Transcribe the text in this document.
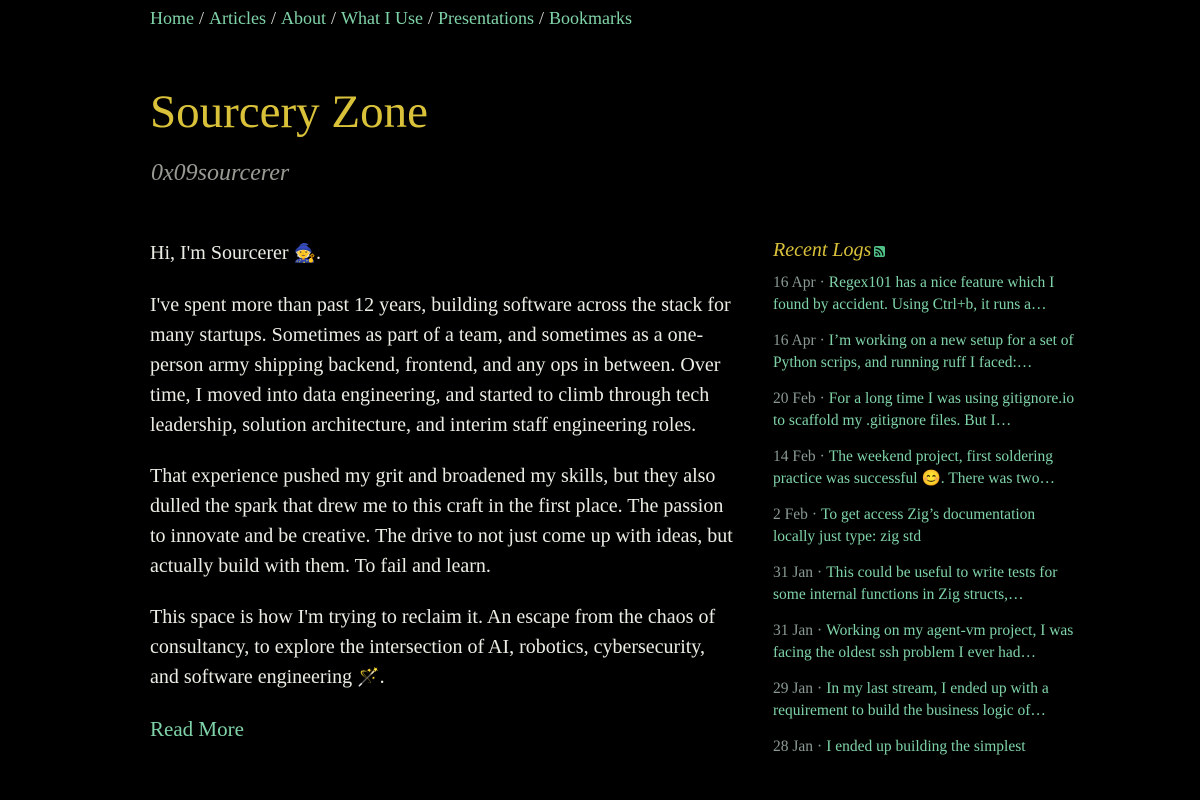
Home / Articles / About / What I Use / Presentations / Bookmarks
Sourcery Zone

0x09sourcerer

Hi, I'm Sourcerer 🧙.

I've spent more than past 12 years, building software across the stack for many startups. Sometimes as part of a team, and sometimes as a one-person army shipping backend, frontend, and any ops in between. Over time, I moved into data engineering, and started to climb through tech leadership, solution architecture, and interim staff engineering roles.

That experience pushed my grit and broadened my skills, but they also dulled the spark that drew me to this craft in the first place. The passion to innovate and be creative. The drive to not just come up with ideas, but actually build with them. To fail and learn.

This space is how I'm trying to reclaim it. An escape from the chaos of consultancy, to explore the intersection of AI, robotics, cybersecurity, and software engineering 🪄.

Read More
Recent Logs
16 Apr · Regex101 has a nice feature which I found by accident. Using Ctrl+b, it runs a…
16 Apr · I’m working on a new setup for a set of Python scrips, and running ruff I faced:…
20 Feb · For a long time I was using gitignore.io to scaffold my .gitignore files. But I…
14 Feb · The weekend project, first soldering practice was successful 😊. There was two…
2 Feb · To get access Zig’s documentation locally just type: zig std
31 Jan · This could be useful to write tests for some internal functions in Zig structs,…
31 Jan · Working on my agent-vm project, I was facing the oldest ssh problem I ever had…
29 Jan · In my last stream, I ended up with a requirement to build the business logic of…
28 Jan · I ended up building the simplest
